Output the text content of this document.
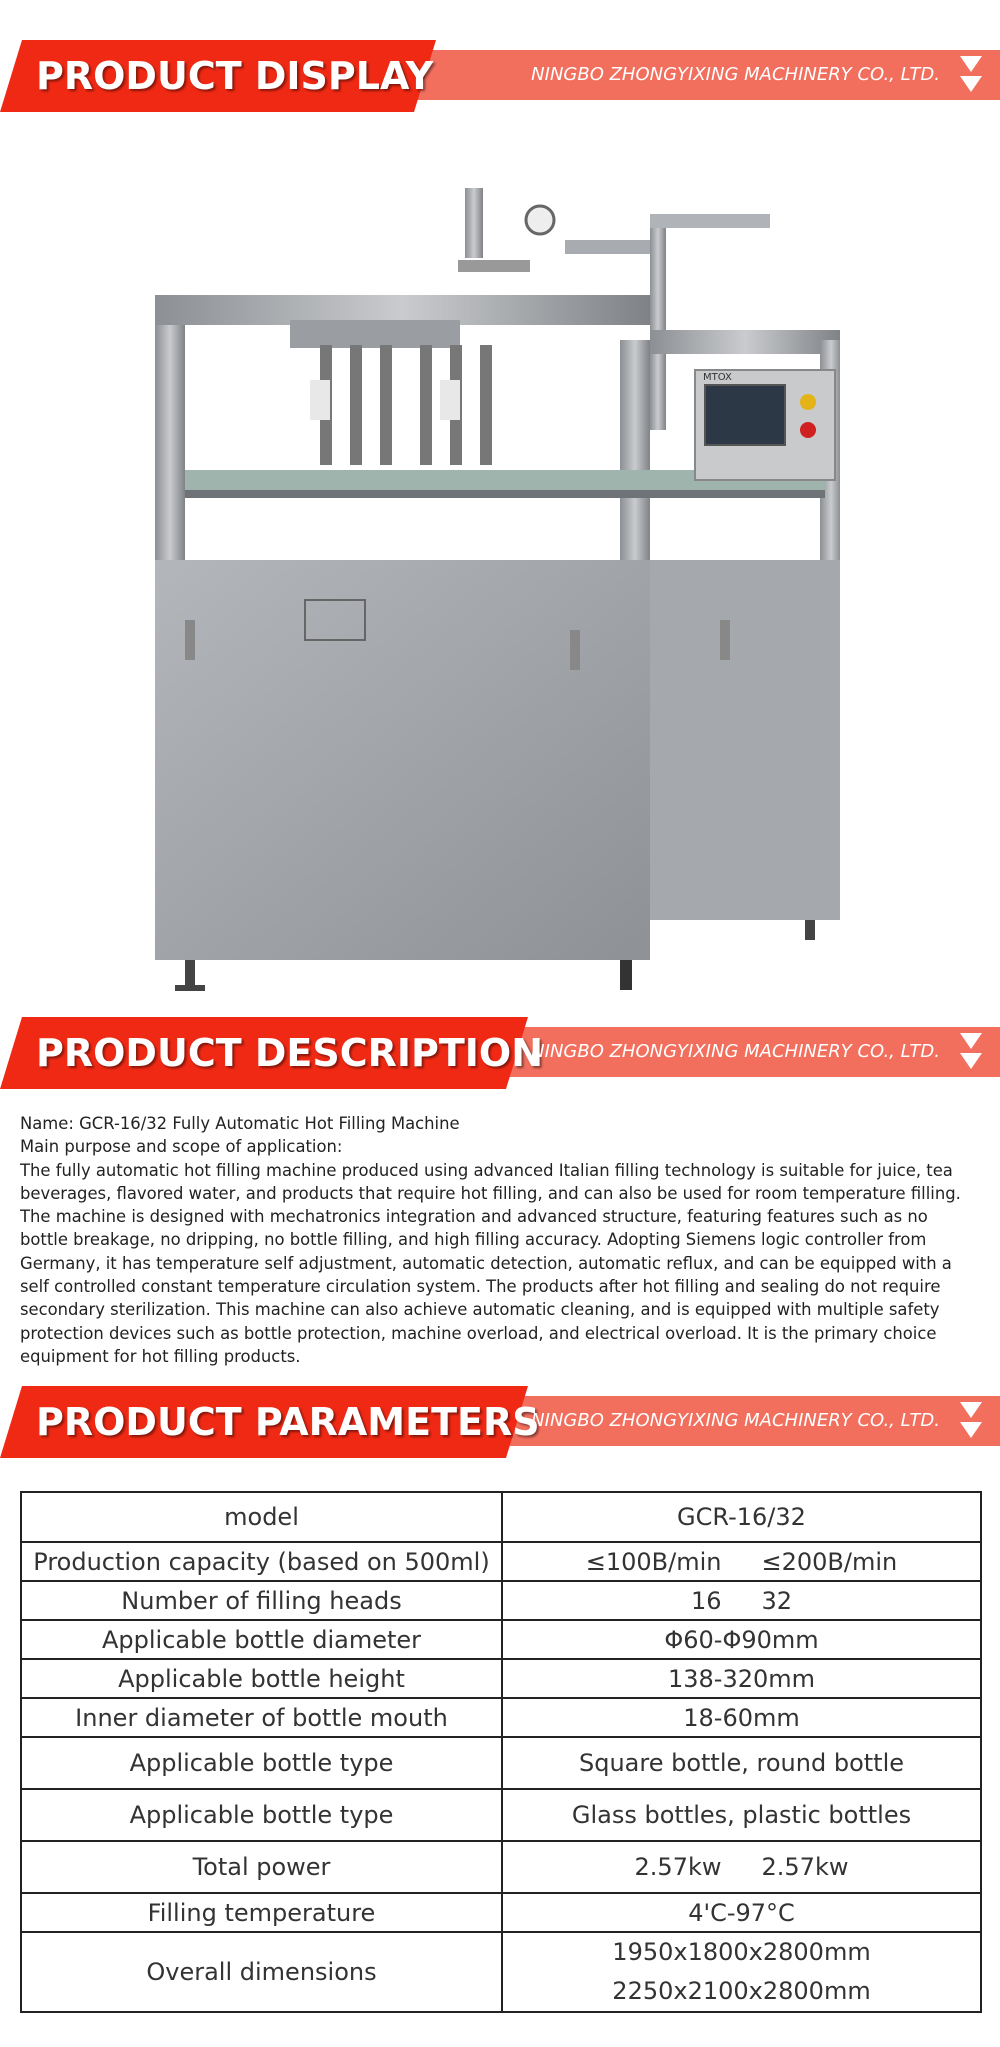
PRODUCT DISPLAY	NINGBO ZHONGYIXING MACHINERY CO., LTD.
MTOX
PRODUCT DESCRIPTION
NINGBO ZHONGYIXING MACHINERY CO., LTD.

Name: GCR-16/32 Fully Automatic Hot Filling Machine

Main purpose and scope of application:

The fully automatic hot filling machine produced using advanced Italian filling technology is suitable for juice, tea beverages, flavored water, and products that require hot filling, and can also be used for room temperature filling. The machine is designed with mechatronics integration and advanced structure, featuring features such as no bottle breakage, no dripping, no bottle filling, and high filling accuracy. Adopting Siemens logic controller from Germany, it has temperature self adjustment, automatic detection, automatic reflux, and can be equipped with a self controlled constant temperature circulation system. The products after hot filling and sealing do not require secondary sterilization. This machine can also achieve automatic cleaning, and is equipped with multiple safety protection devices such as bottle protection, machine overload, and electrical overload. It is the primary choice equipment for hot filling products.

PRODUCT PARAMETERS
NINGBO ZHONGYIXING MACHINERY CO., LTD.
model	GCR-16/32
Production capacity (based on 500ml)	≤100B/min ≤200B/min
Number of filling heads	16 32
Applicable bottle diameter	Φ60-Φ90mm
Applicable bottle height	138-320mm
Inner diameter of bottle mouth	18-60mm
Applicable bottle type	Square bottle, round bottle
Applicable bottle type	Glass bottles, plastic bottles
Total power	2.57kw 2.57kw
Filling temperature	4'C-97°C
Overall dimensions	1950x1800x2800mm
2250x2100x2800mm
